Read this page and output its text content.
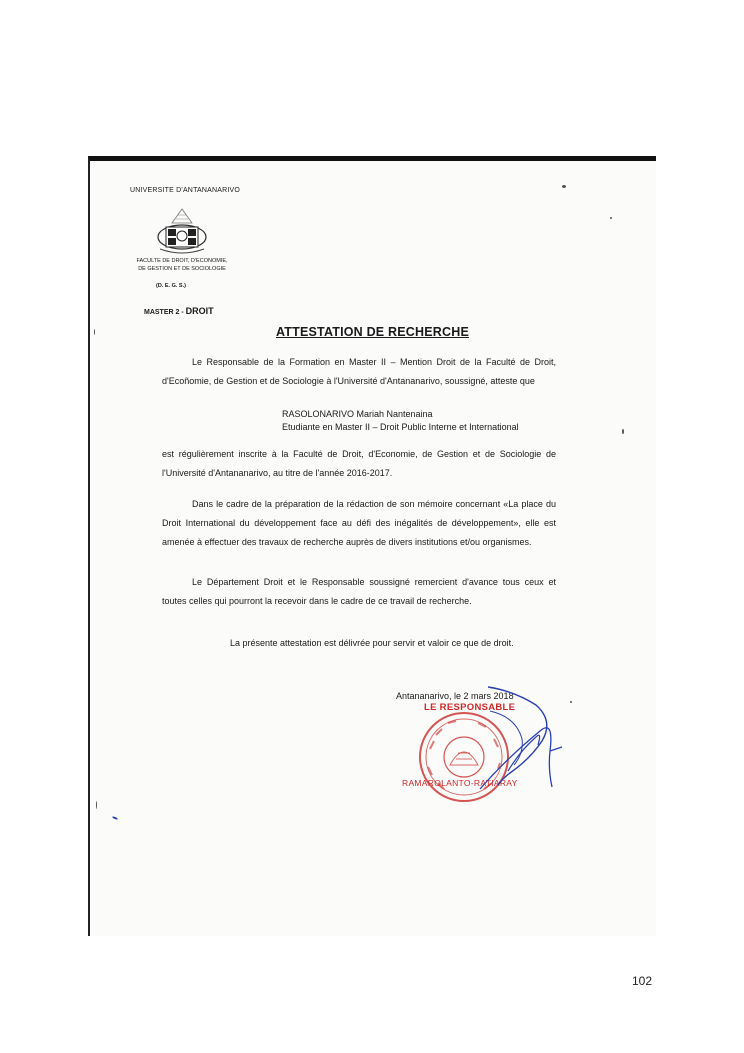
UNIVERSITE D'ANTANANARIVO
FACULTE DE DROIT, D'ECONOMIE,
DE GESTION ET DE SOCIOLOGIE
(D. E. G. S.)
MASTER 2 - DROIT
ATTESTATION DE RECHERCHE
Le Responsable de la Formation en Master II – Mention Droit de la Faculté de Droit, d'Ecoñomie, de Gestion et de Sociologie à l'Université d'Antananarivo, soussigné, atteste que
RASOLONARIVO Mariah Nantenaina
Etudiante en Master II – Droit Public Interne et International
est régulièrement inscrite à la Faculté de Droit, d'Economie, de Gestion et de Sociologie de l'Université d'Antananarivo, au titre de l'année 2016-2017.
Dans le cadre de la préparation de la rédaction de son mémoire concernant «La place du Droit International du développement face au défi des inégalités de développement», elle est amenée à effectuer des travaux de recherche auprès de divers institutions et/ou organismes.
Le Département Droit et le Responsable soussigné remercient d'avance tous ceux et toutes celles qui pourront la recevoir dans le cadre de ce travail de recherche.
La présente attestation est délivrée pour servir et valoir ce que de droit.
Antananarivo, le 2 mars 2018
LE RESPONSABLE
RAMAROLANTO-RATIARAY
102
